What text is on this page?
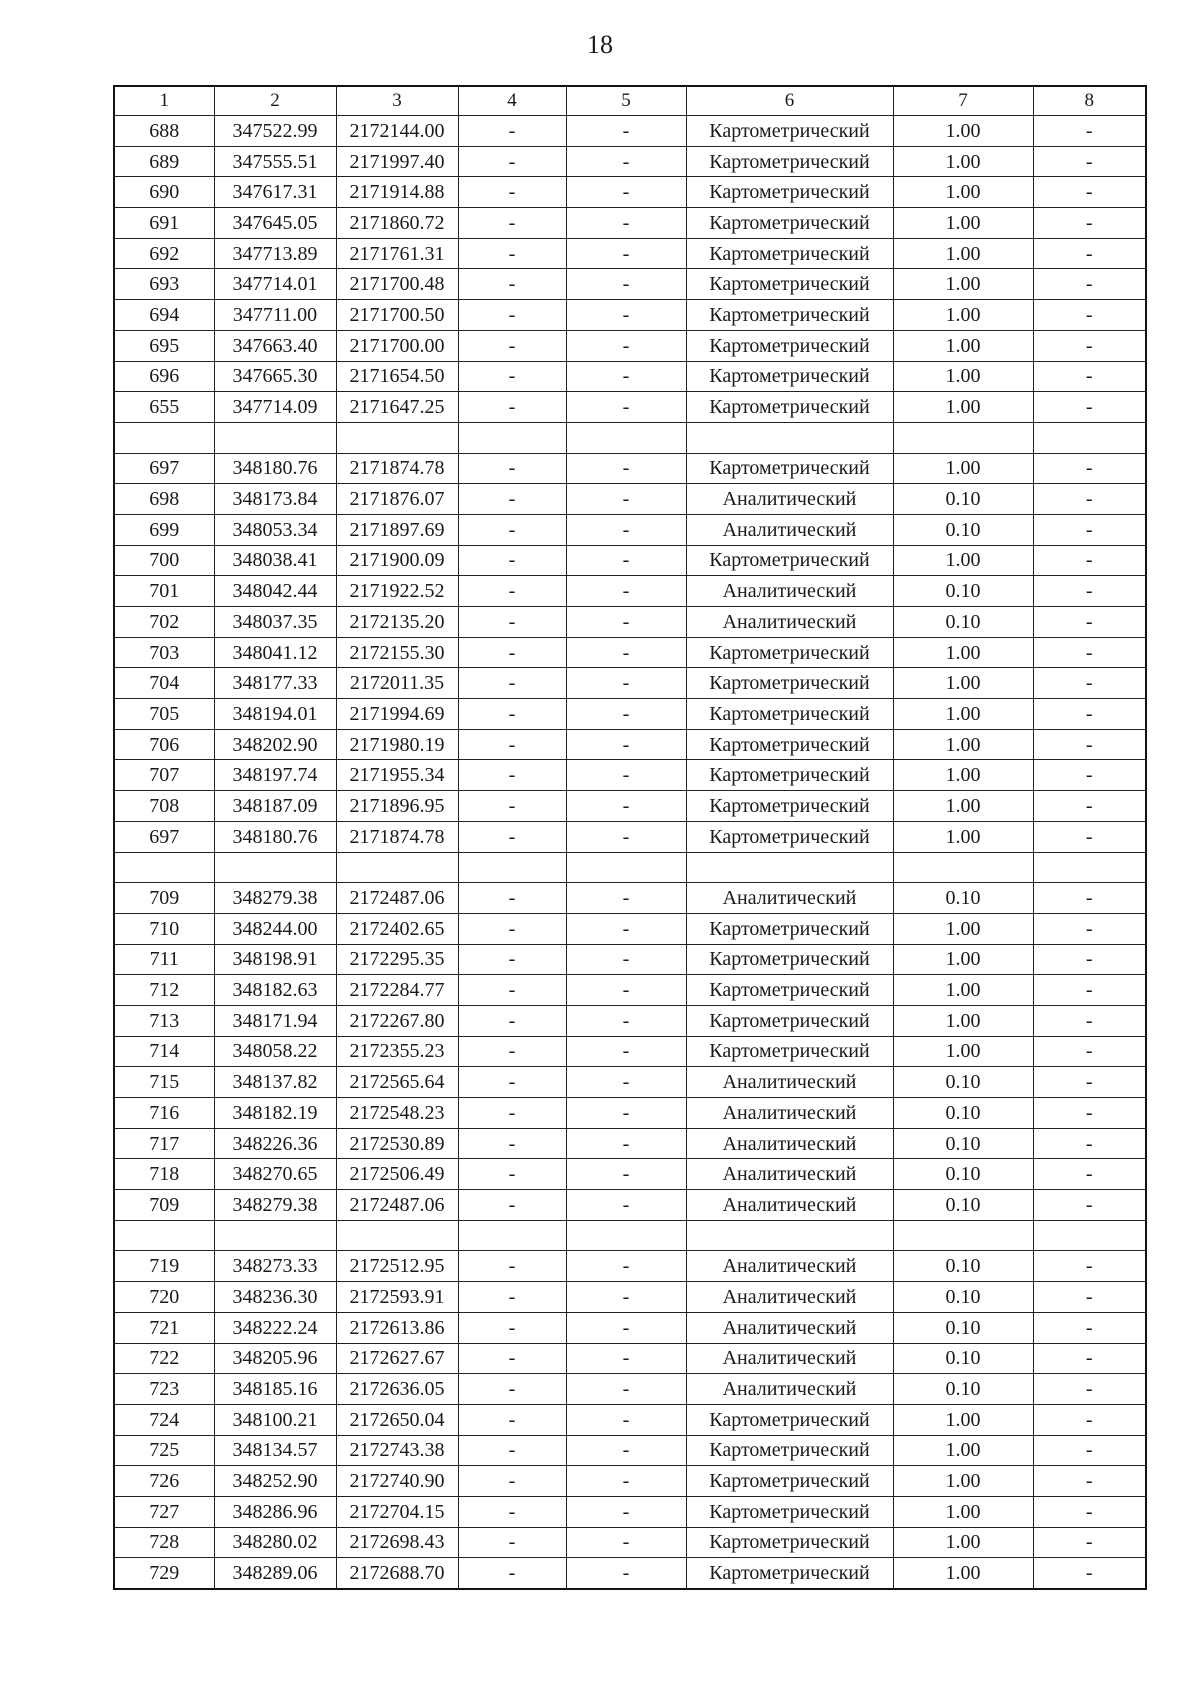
18
1	2	3	4	5	6	7	8
688	347522.99	2172144.00	-	-	Картометрический	1.00	-
689	347555.51	2171997.40	-	-	Картометрический	1.00	-
690	347617.31	2171914.88	-	-	Картометрический	1.00	-
691	347645.05	2171860.72	-	-	Картометрический	1.00	-
692	347713.89	2171761.31	-	-	Картометрический	1.00	-
693	347714.01	2171700.48	-	-	Картометрический	1.00	-
694	347711.00	2171700.50	-	-	Картометрический	1.00	-
695	347663.40	2171700.00	-	-	Картометрический	1.00	-
696	347665.30	2171654.50	-	-	Картометрический	1.00	-
655	347714.09	2171647.25	-	-	Картометрический	1.00	-

697	348180.76	2171874.78	-	-	Картометрический	1.00	-
698	348173.84	2171876.07	-	-	Аналитический	0.10	-
699	348053.34	2171897.69	-	-	Аналитический	0.10	-
700	348038.41	2171900.09	-	-	Картометрический	1.00	-
701	348042.44	2171922.52	-	-	Аналитический	0.10	-
702	348037.35	2172135.20	-	-	Аналитический	0.10	-
703	348041.12	2172155.30	-	-	Картометрический	1.00	-
704	348177.33	2172011.35	-	-	Картометрический	1.00	-
705	348194.01	2171994.69	-	-	Картометрический	1.00	-
706	348202.90	2171980.19	-	-	Картометрический	1.00	-
707	348197.74	2171955.34	-	-	Картометрический	1.00	-
708	348187.09	2171896.95	-	-	Картометрический	1.00	-
697	348180.76	2171874.78	-	-	Картометрический	1.00	-

709	348279.38	2172487.06	-	-	Аналитический	0.10	-
710	348244.00	2172402.65	-	-	Картометрический	1.00	-
711	348198.91	2172295.35	-	-	Картометрический	1.00	-
712	348182.63	2172284.77	-	-	Картометрический	1.00	-
713	348171.94	2172267.80	-	-	Картометрический	1.00	-
714	348058.22	2172355.23	-	-	Картометрический	1.00	-
715	348137.82	2172565.64	-	-	Аналитический	0.10	-
716	348182.19	2172548.23	-	-	Аналитический	0.10	-
717	348226.36	2172530.89	-	-	Аналитический	0.10	-
718	348270.65	2172506.49	-	-	Аналитический	0.10	-
709	348279.38	2172487.06	-	-	Аналитический	0.10	-

719	348273.33	2172512.95	-	-	Аналитический	0.10	-
720	348236.30	2172593.91	-	-	Аналитический	0.10	-
721	348222.24	2172613.86	-	-	Аналитический	0.10	-
722	348205.96	2172627.67	-	-	Аналитический	0.10	-
723	348185.16	2172636.05	-	-	Аналитический	0.10	-
724	348100.21	2172650.04	-	-	Картометрический	1.00	-
725	348134.57	2172743.38	-	-	Картометрический	1.00	-
726	348252.90	2172740.90	-	-	Картометрический	1.00	-
727	348286.96	2172704.15	-	-	Картометрический	1.00	-
728	348280.02	2172698.43	-	-	Картометрический	1.00	-
729	348289.06	2172688.70	-	-	Картометрический	1.00	-
